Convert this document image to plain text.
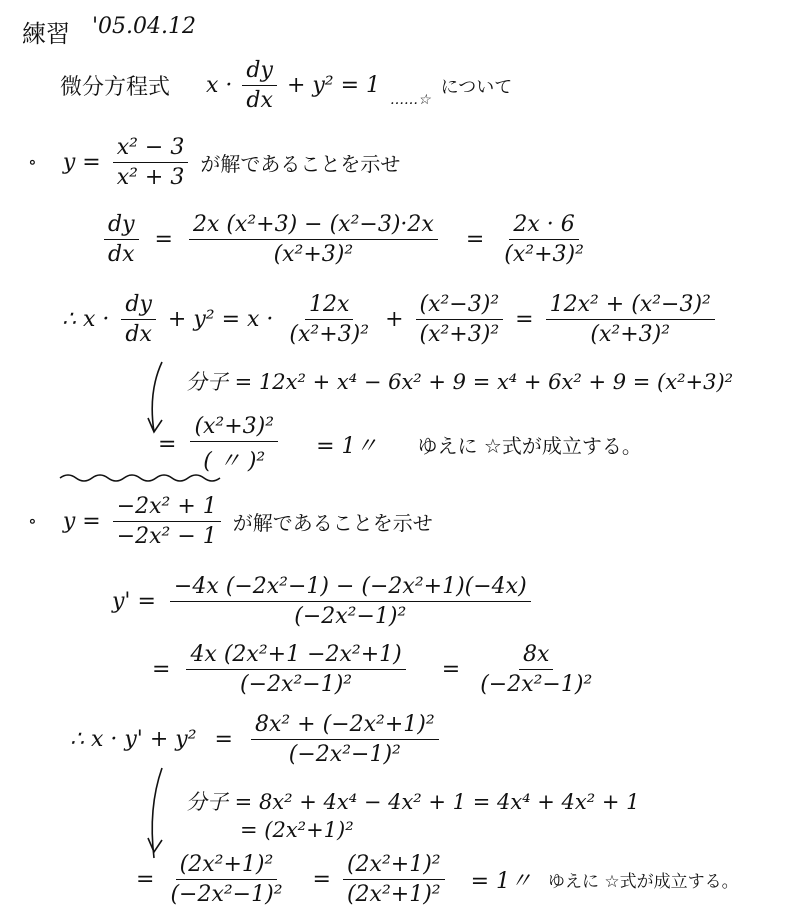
練習 '05.04.12
微分方程式 $x \cdot \frac{dy}{dx} + y^2 = 1$
……☆
について
∘ $y = \frac{\text{x² − 3}}{\text{x² + 3}}$ が解であることを示せ
$\frac{dy}{dx} = \frac{\text{2x (x²+3) − (x²−3)·2x}}{\text{(x²+3)²}} = \frac{2x \cdot 6}{\text{(x²+3)²}}$
∴ $x \cdot \frac{dy}{dx} + y^2 = x \cdot \frac{12x}{\text{(x²+3)²}} + \frac{\text{(x²−3)²}}{\text{(x²+3)²}} = \frac{\text{12x² + (x²−3)²}}{\text{(x²+3)²}}$
分子 = 12x² + x⁴ − 6x² + 9 = x⁴ + 6x² + 9 = (x²+3)²
= $\frac{\text{(x²+3)²}}{\text{( 〃 )²}} = 1$〃 ゆえに ☆式が成立する。
∘ $y = \frac{\text{−2x² + 1}}{\text{−2x² − 1}}$ が解であることを示せ
$y' = \frac{\text{−4x (−2x²−1) − (−2x²+1)(−4x)}}{\text{(−2x²−1)²}}$
= $\frac{\text{4x (2x²+1 −2x²+1)}}{\text{(−2x²−1)²}} = \frac{8x}{\text{(−2x²−1)²}}$
∴ $x \cdot y' + y^2 = \frac{\text{8x² + (−2x²+1)²}}{\text{(−2x²−1)²}}$
分子 = 8x² + 4x⁴ − 4x² + 1 = 4x⁴ + 4x² + 1
= (2x²+1)²
= $\frac{\text{(2x²+1)²}}{\text{(−2x²−1)²}} = \frac{\text{(2x²+1)²}}{\text{(2x²+1)²}} = 1$〃 ゆえに ☆式が成立する。
